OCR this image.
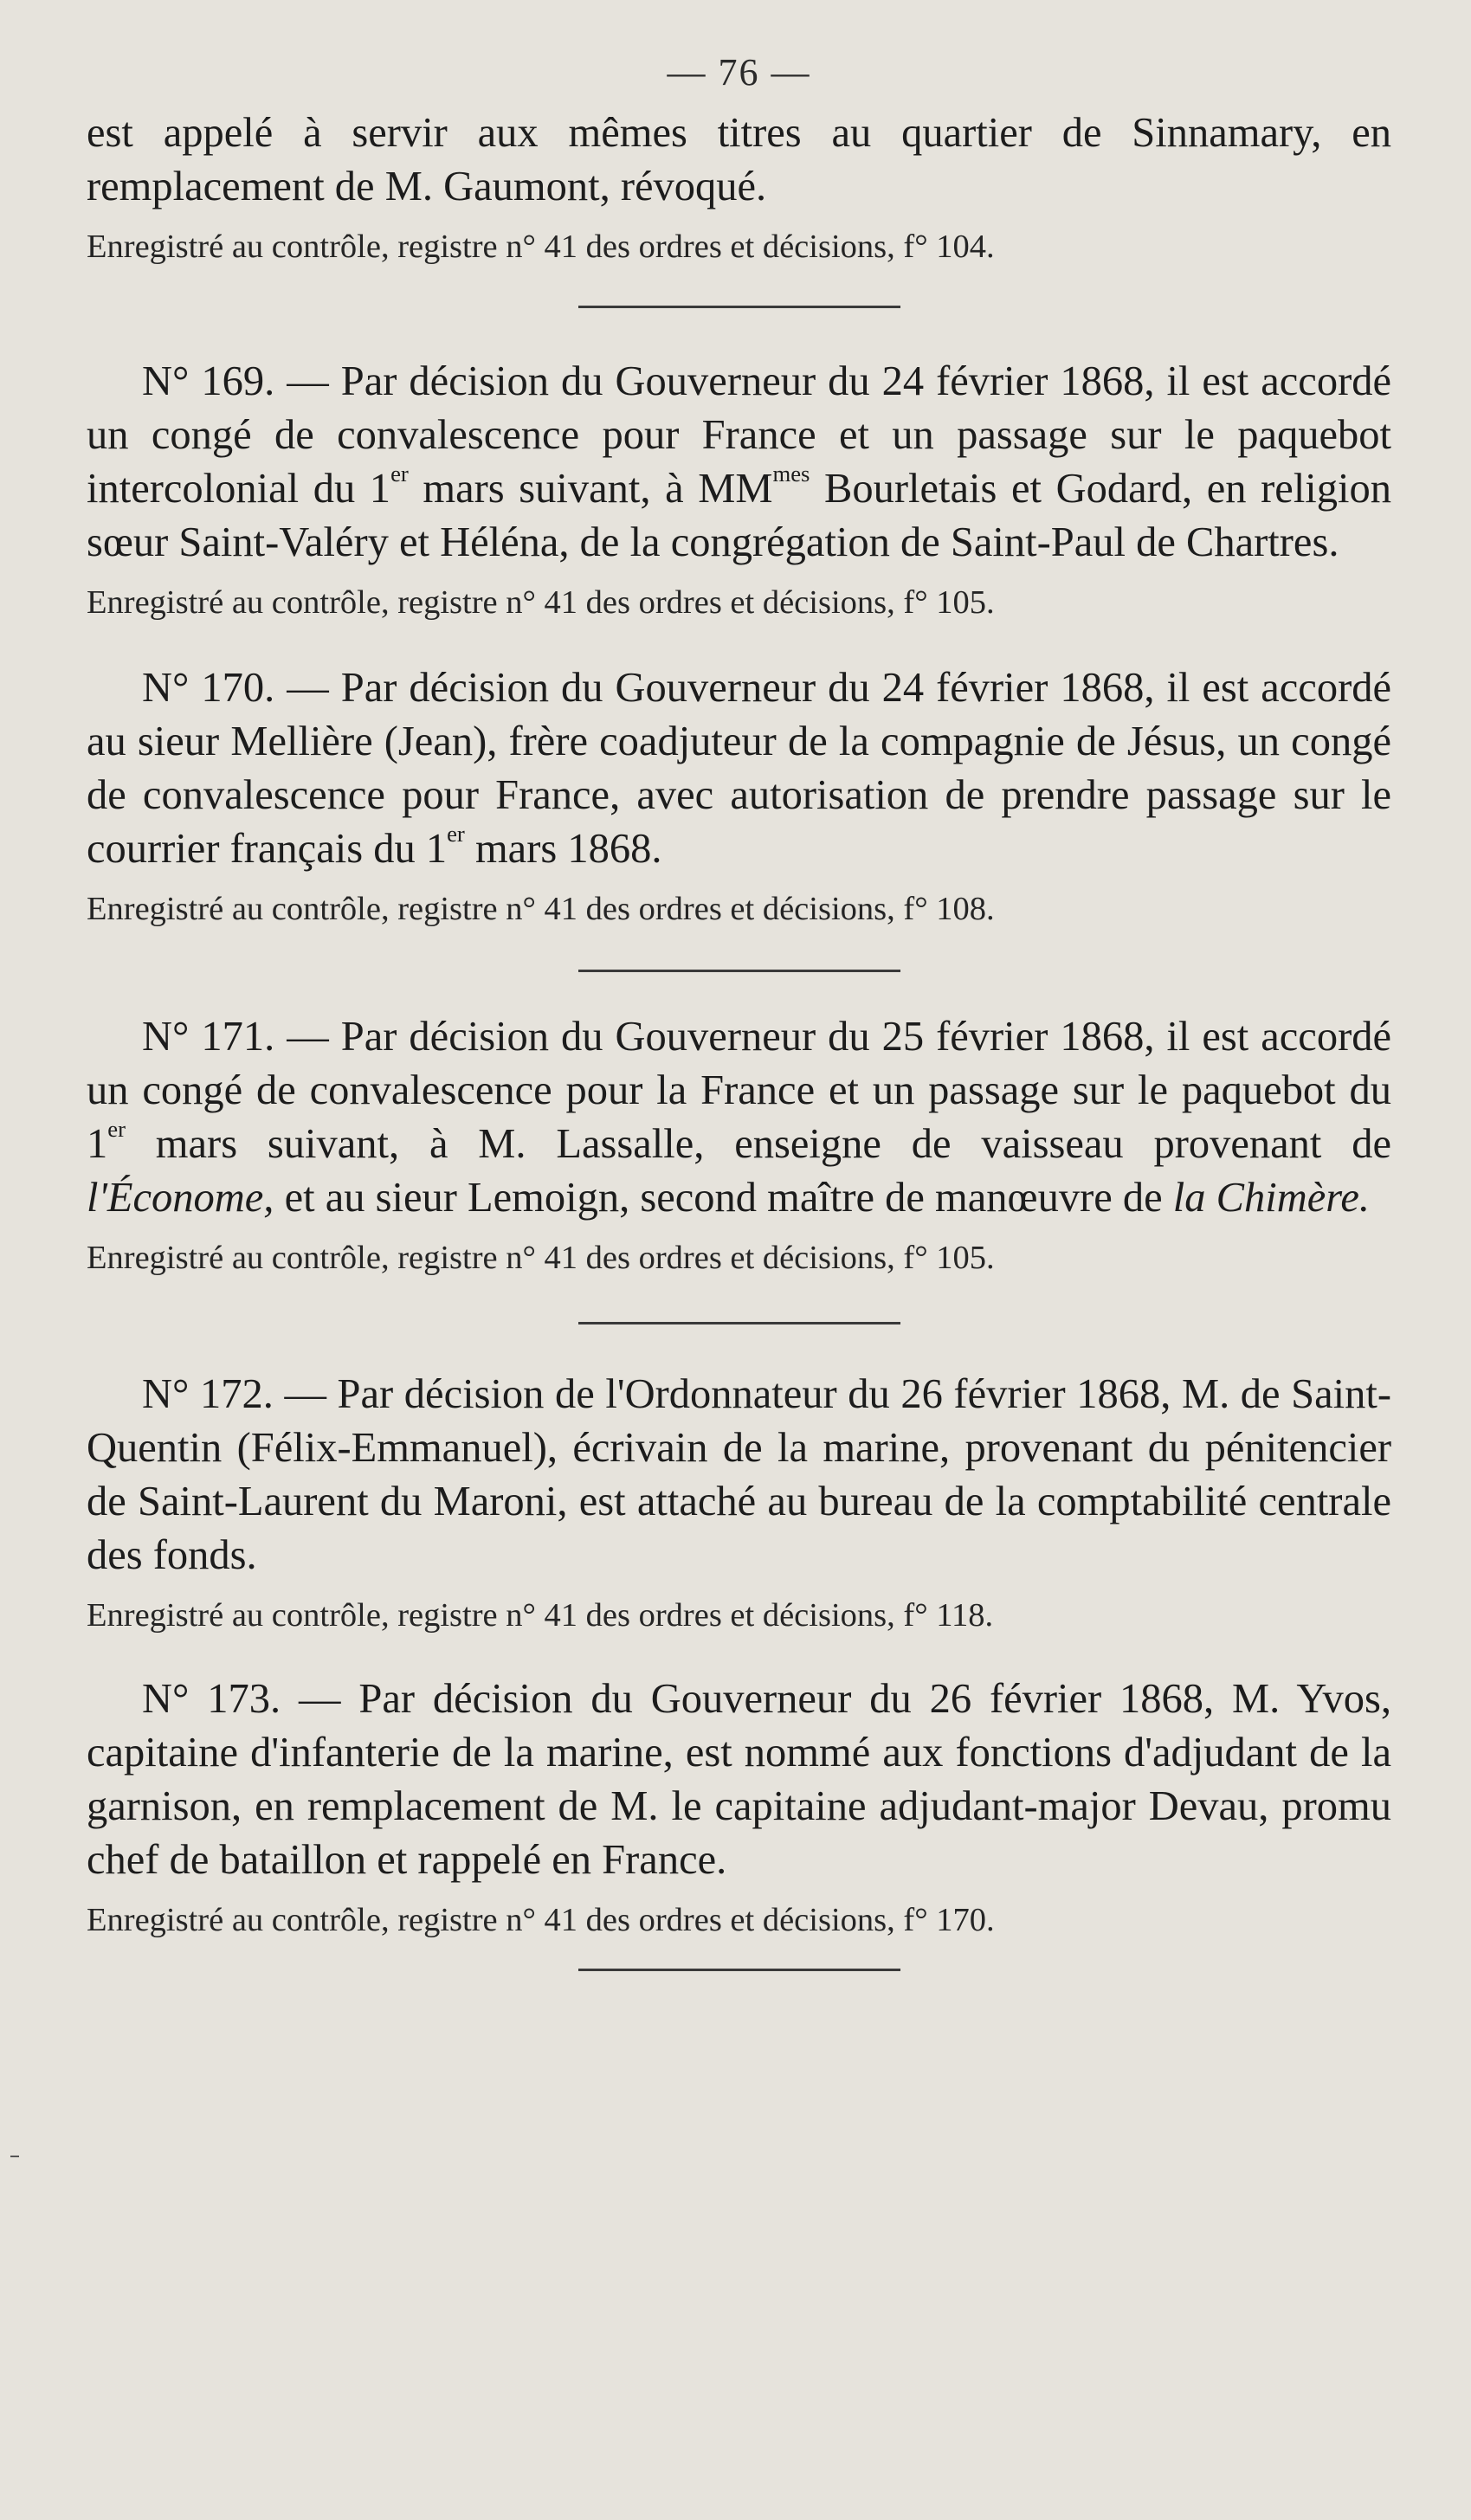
— 76 —

est appelé à servir aux mêmes titres au quartier de Sinnamary, en remplacement de M. Gaumont, révoqué.

Enregistré au contrôle, registre n° 41 des ordres et décisions, f° 104.

N° 169. — Par décision du Gouverneur du 24 février 1868, il est accordé un congé de convalescence pour France et un passage sur le paquebot intercolonial du 1er mars suivant, à $MM^{mes}$ Bourletais et Godard, en religion sœur Saint-Valéry et Héléna, de la congrégation de Saint-Paul de Chartres.

Enregistré au contrôle, registre n° 41 des ordres et décisions, f° 105.

N° 170. — Par décision du Gouverneur du 24 février 1868, il est accordé au sieur Mellière (Jean), frère coadjuteur de la compagnie de Jésus, un congé de convalescence pour France, avec autorisation de prendre passage sur le courrier français du 1er mars 1868.

Enregistré au contrôle, registre n° 41 des ordres et décisions, f° 108.

N° 171. — Par décision du Gouverneur du 25 février 1868, il est accordé un congé de convalescence pour la France et un passage sur le paquebot du 1er mars suivant, à M. Lassalle, enseigne de vaisseau provenant de l'Économe, et au sieur Lemoign, second maître de manœuvre de la Chimère.

Enregistré au contrôle, registre n° 41 des ordres et décisions, f° 105.

N° 172. — Par décision de l'Ordonnateur du 26 février 1868, M. de Saint-Quentin (Félix-Emmanuel), écrivain de la marine, provenant du pénitencier de Saint-Laurent du Maroni, est attaché au bureau de la comptabilité centrale des fonds.

Enregistré au contrôle, registre n° 41 des ordres et décisions, f° 118.

N° 173. — Par décision du Gouverneur du 26 février 1868, M. Yvos, capitaine d'infanterie de la marine, est nommé aux fonctions d'adjudant de la garnison, en remplacement de M. le capitaine adjudant-major Devau, promu chef de bataillon et rappelé en France.

Enregistré au contrôle, registre n° 41 des ordres et décisions, f° 170.
